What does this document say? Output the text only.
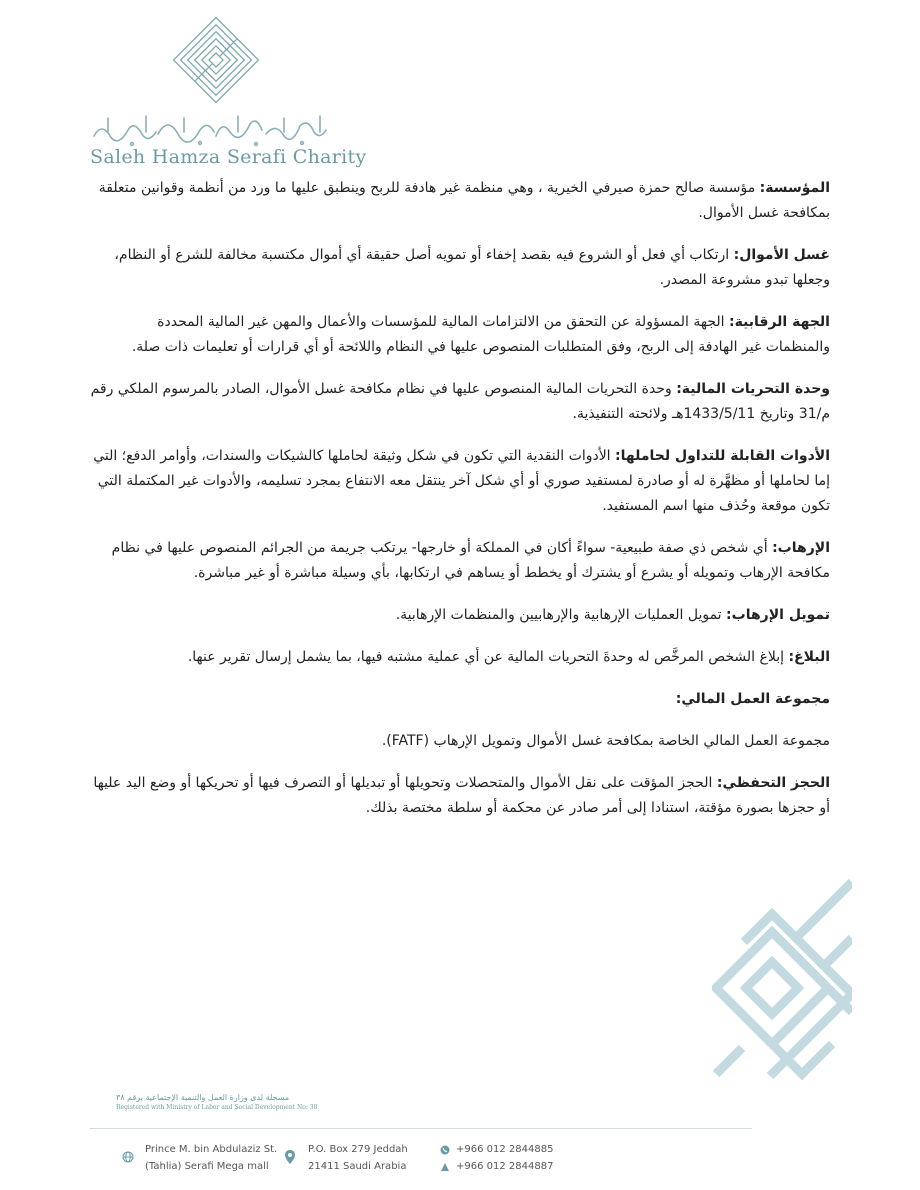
Saleh Hamza Serafi Charity

المؤسسة: مؤسسة صالح حمزة صيرفي الخيرية ، وهي منظمة غير هادفة للربح وينطبق عليها ما ورد من أنظمة وقوانين متعلقة بمكافحة غسل الأموال.

غسل الأموال: ارتكاب أي فعل أو الشروع فيه بقصد إخفاء أو تمويه أصل حقيقة أي أموال مكتسبة مخالفة للشرع أو النظام، وجعلها تبدو مشروعة المصدر.

الجهة الرقابية: الجهة المسؤولة عن التحقق من الالتزامات المالية للمؤسسات والأعمال والمهن غير المالية المحددة والمنظمات غير الهادفة إلى الربح، وفق المتطلبات المنصوص عليها في النظام واللائحة أو أي قرارات أو تعليمات ذات صلة.

وحدة التحريات المالية: وحدة التحريات المالية المنصوص عليها في نظام مكافحة غسل الأموال، الصادر بالمرسوم الملكي رقم م/31 وتاريخ 1433/5/11هـ ولائحته التنفيذية.

الأدوات القابلة للتداول لحاملها: الأدوات النقدية التي تكون في شكل وثيقة لحاملها كالشيكات والسندات، وأوامر الدفع؛ التي إما لحاملها أو مظهَّرة له أو صادرة لمستفيد صوري أو أي شكل آخر ينتقل معه الانتفاع بمجرد تسليمه، والأدوات غير المكتملة التي تكون موقعة وحُذف منها اسم المستفيد.

الإرهاب: أي شخص ذي صفة طبيعية- سواءً أكان في المملكة أو خارجها- يرتكب جريمة من الجرائم المنصوص عليها في نظام مكافحة الإرهاب وتمويله أو يشرع أو يشترك أو يخطط أو يساهم في ارتكابها، بأي وسيلة مباشرة أو غير مباشرة.

تمويل الإرهاب: تمويل العمليات الإرهابية والإرهابيين والمنظمات الإرهابية.

البلاغ: إبلاغ الشخص المرخَّص له وحدةَ التحريات المالية عن أي عملية مشتبه فيها، بما يشمل إرسال تقرير عنها.

مجموعة العمل المالي:

مجموعة العمل المالي الخاصة بمكافحة غسل الأموال وتمويل الإرهاب (FATF).

الحجز التحفظي: الحجز المؤقت على نقل الأموال والمتحصلات وتحويلها أو تبديلها أو التصرف فيها أو تحريكها أو وضع اليد عليها أو حجزها بصورة مؤقتة، استنادا إلى أمر صادر عن محكمة أو سلطة مختصة بذلك.

مسجلة لدى وزارة العمل والتنمية الإجتماعية برقم ٣٨
Registered with Ministry of Labor and Social Development No: 38
Prince M. bin Abdulaziz St.
(Tahlia) Serafi Mega mall
P.O. Box 279 Jeddah
21411 Saudi Arabia
+966 012 2844885
+966 012 2844887
